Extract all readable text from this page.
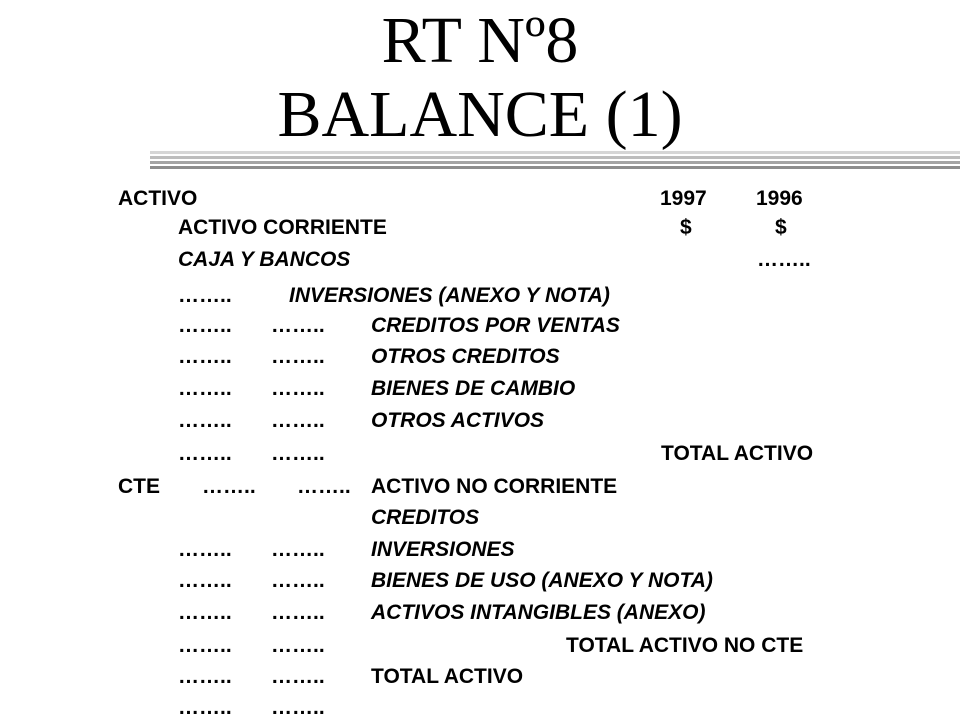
RT Nº8
BALANCE (1)
ACTIVO	1997 1996
ACTIVO CORRIENTE	$	$
CAJA Y BANCOS	……..
……..	INVERSIONES (ANEXO Y NOTA)
…….. …….. CREDITOS POR VENTAS
…….. …….. OTROS CREDITOS
…….. …….. BIENES DE CAMBIO
…….. …….. OTROS ACTIVOS
…….. ……..	TOTAL ACTIVO
CTE …….. …….. ACTIVO NO CORRIENTE
CREDITOS
…….. …….. INVERSIONES
…….. …….. BIENES DE USO (ANEXO Y NOTA)
…….. …….. ACTIVOS INTANGIBLES (ANEXO)
…….. ……..	TOTAL ACTIVO NO CTE
…….. …….. TOTAL ACTIVO
…….. ……..
